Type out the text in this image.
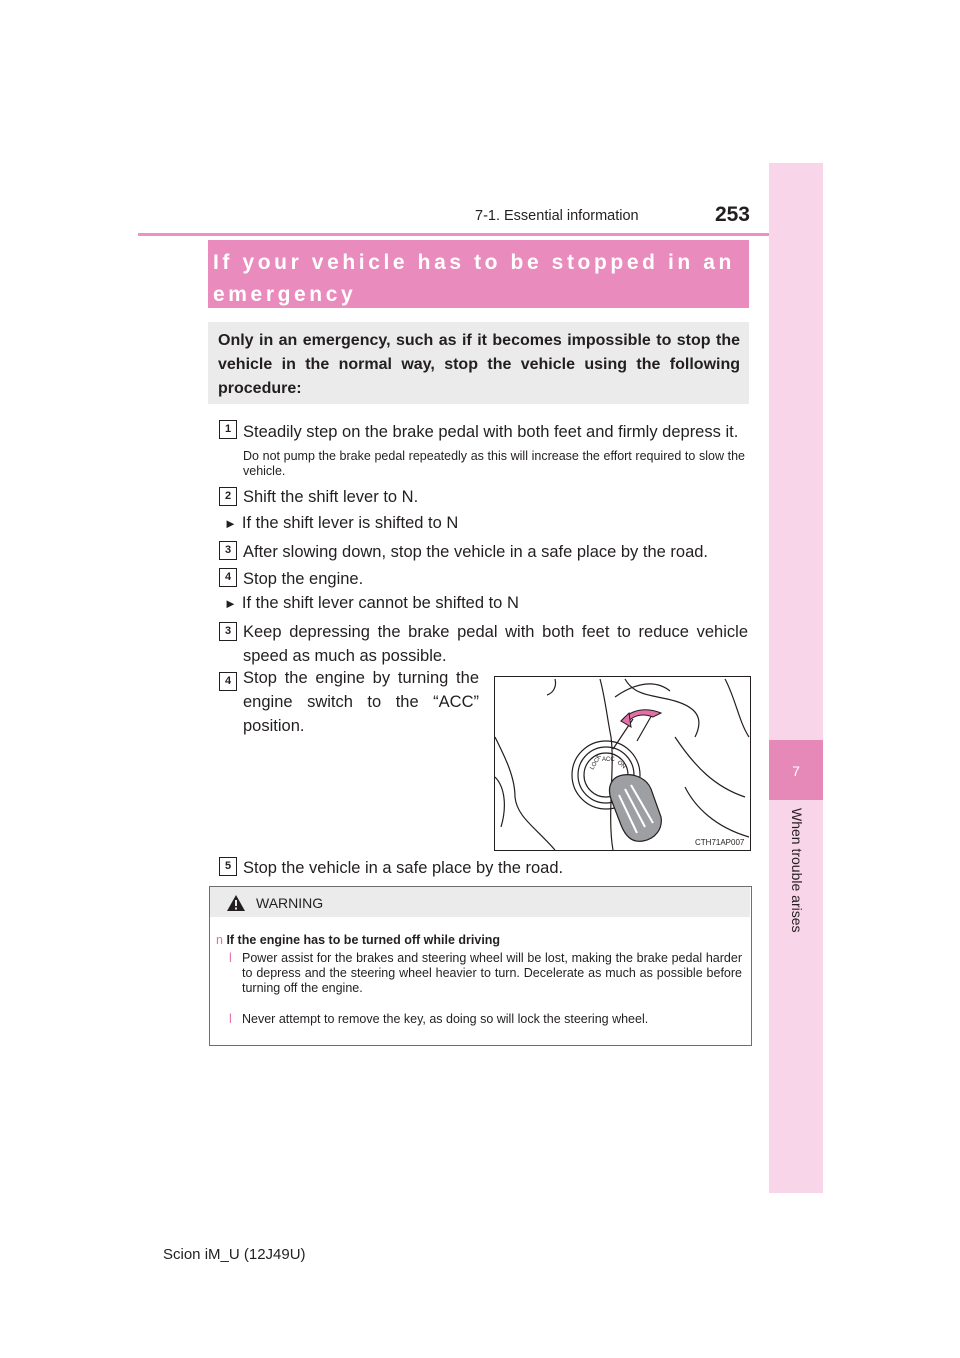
7-1. Essential information	253
7
When trouble arises
If your vehicle has to be stopped in an emergency
Only in an emergency, such as if it becomes impossible to stop the vehicle in the normal way, stop the vehicle using the following procedure:
1 Steadily step on the brake pedal with both feet and firmly depress it.
Do not pump the brake pedal repeatedly as this will increase the effort required to slow the vehicle.
2 Shift the shift lever to N.
► If the shift lever is shifted to N
3 After slowing down, stop the vehicle in a safe place by the road.
4 Stop the engine.
► If the shift lever cannot be shifted to N
3 Keep depressing the brake pedal with both feet to reduce vehicle speed as much as possible.
4 Stop the engine by turning the engine switch to the “ACC” position.
LOCK ACC ON
CTH71AP007
5 Stop the vehicle in a safe place by the road.
WARNING
n If the engine has to be turned off while driving
l Power assist for the brakes and steering wheel will be lost, making the brake pedal harder to depress and the steering wheel heavier to turn. Decelerate as much as possible before turning off the engine.
l Never attempt to remove the key, as doing so will lock the steering wheel.
Scion iM_U (12J49U)
